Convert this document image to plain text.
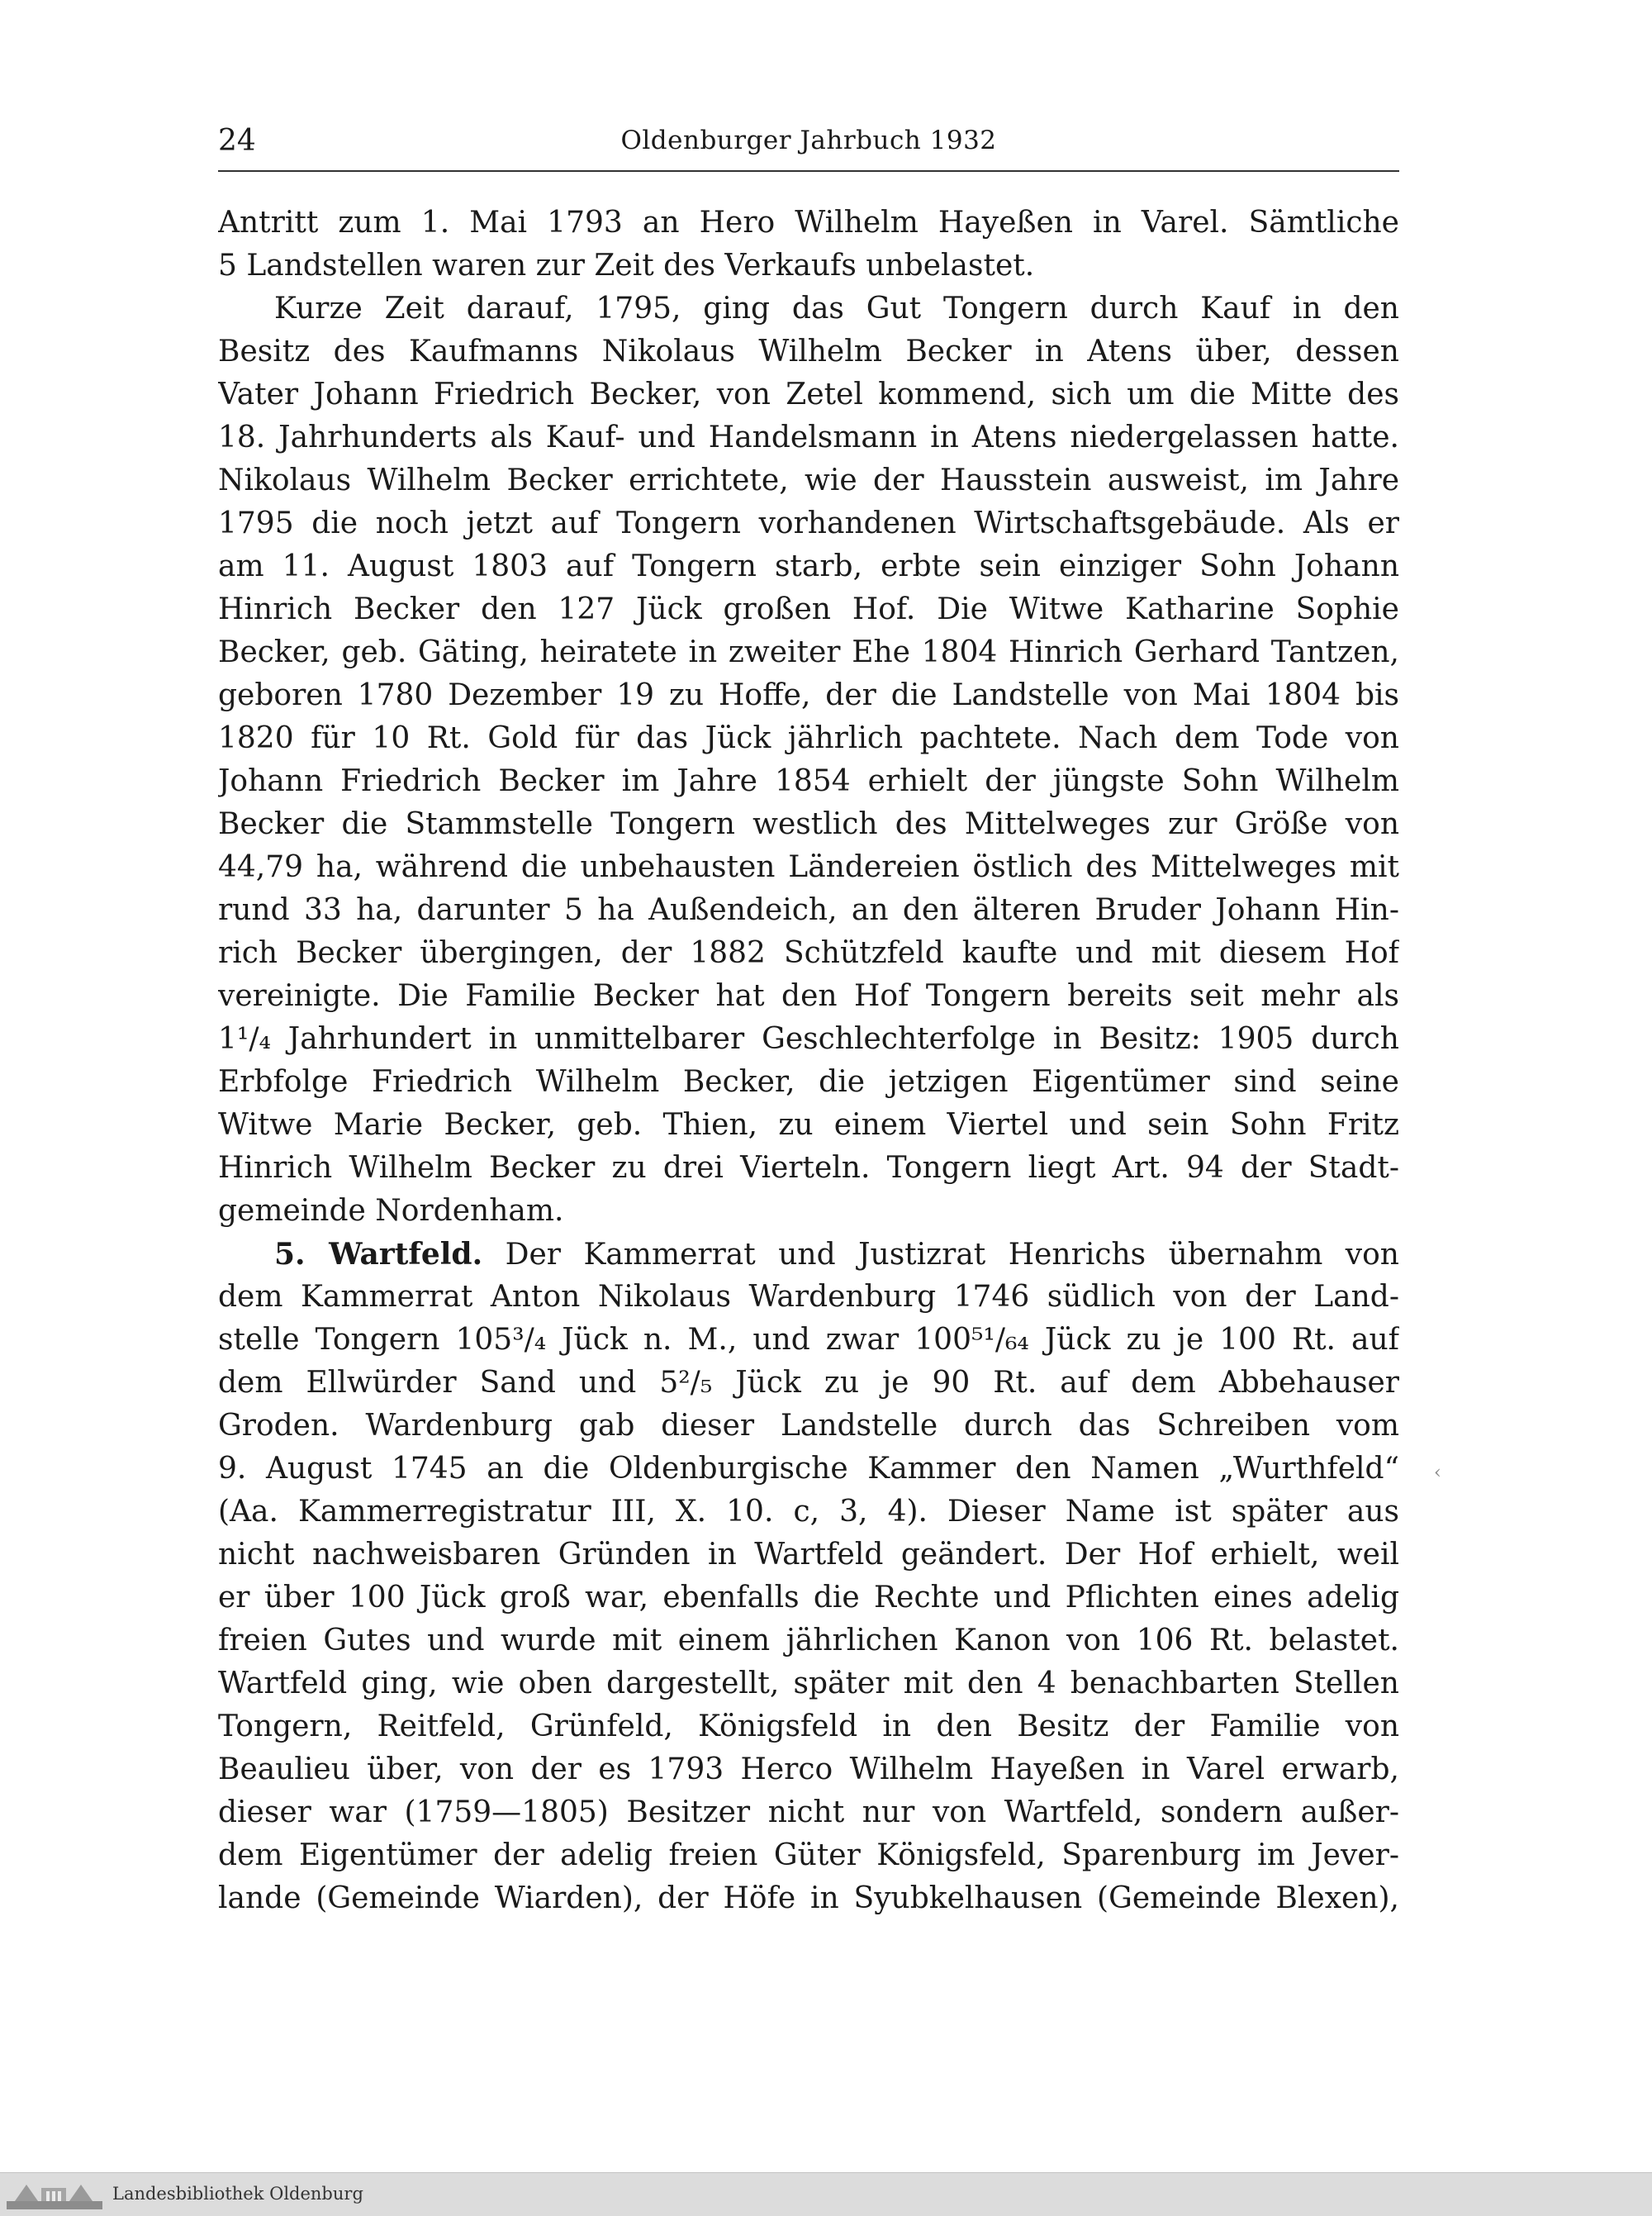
24	Oldenburger Jahrbuch 1932
Antritt zum 1. Mai 1793 an Hero Wilhelm Hayeßen in Varel. Sämtliche
5 Landstellen waren zur Zeit des Verkaufs unbelastet.
Kurze Zeit darauf, 1795, ging das Gut Tongern durch Kauf in den
Besitz des Kaufmanns Nikolaus Wilhelm Becker in Atens über, dessen
Vater Johann Friedrich Becker, von Zetel kommend, sich um die Mitte des
18. Jahrhunderts als Kauf- und Handelsmann in Atens niedergelassen hatte.
Nikolaus Wilhelm Becker errichtete, wie der Hausstein ausweist, im Jahre
1795 die noch jetzt auf Tongern vorhandenen Wirtschaftsgebäude. Als er
am 11. August 1803 auf Tongern starb, erbte sein einziger Sohn Johann
Hinrich Becker den 127 Jück großen Hof. Die Witwe Katharine Sophie
Becker, geb. Gäting, heiratete in zweiter Ehe 1804 Hinrich Gerhard Tantzen,
geboren 1780 Dezember 19 zu Hoffe, der die Landstelle von Mai 1804 bis
1820 für 10 Rt. Gold für das Jück jährlich pachtete. Nach dem Tode von
Johann Friedrich Becker im Jahre 1854 erhielt der jüngste Sohn Wilhelm
Becker die Stammstelle Tongern westlich des Mittelweges zur Größe von
44,79 ha, während die unbehausten Ländereien östlich des Mittelweges mit
rund 33 ha, darunter 5 ha Außendeich, an den älteren Bruder Johann Hin-
rich Becker übergingen, der 1882 Schützfeld kaufte und mit diesem Hof
vereinigte. Die Familie Becker hat den Hof Tongern bereits seit mehr als
1¹/₄ Jahrhundert in unmittelbarer Geschlechterfolge in Besitz: 1905 durch
Erbfolge Friedrich Wilhelm Becker, die jetzigen Eigentümer sind seine
Witwe Marie Becker, geb. Thien, zu einem Viertel und sein Sohn Fritz
Hinrich Wilhelm Becker zu drei Vierteln. Tongern liegt Art. 94 der Stadt-
gemeinde Nordenham.
5. Wartfeld. Der Kammerrat und Justizrat Henrichs übernahm von
dem Kammerrat Anton Nikolaus Wardenburg 1746 südlich von der Land-
stelle Tongern 105³/₄ Jück n. M., und zwar 100⁵¹/₆₄ Jück zu je 100 Rt. auf
dem Ellwürder Sand und 5²/₅ Jück zu je 90 Rt. auf dem Abbehauser
Groden. Wardenburg gab dieser Landstelle durch das Schreiben vom
9. August 1745 an die Oldenburgische Kammer den Namen „Wurthfeld“
(Aa. Kammerregistratur III, X. 10. c, 3, 4). Dieser Name ist später aus
nicht nachweisbaren Gründen in Wartfeld geändert. Der Hof erhielt, weil
er über 100 Jück groß war, ebenfalls die Rechte und Pflichten eines adelig
freien Gutes und wurde mit einem jährlichen Kanon von 106 Rt. belastet.
Wartfeld ging, wie oben dargestellt, später mit den 4 benachbarten Stellen
Tongern, Reitfeld, Grünfeld, Königsfeld in den Besitz der Familie von
Beaulieu über, von der es 1793 Herco Wilhelm Hayeßen in Varel erwarb,
dieser war (1759—1805) Besitzer nicht nur von Wartfeld, sondern außer-
dem Eigentümer der adelig freien Güter Königsfeld, Sparenburg im Jever-
lande (Gemeinde Wiarden), der Höfe in Syubkelhausen (Gemeinde Blexen),
‹
Landesbibliothek Oldenburg
